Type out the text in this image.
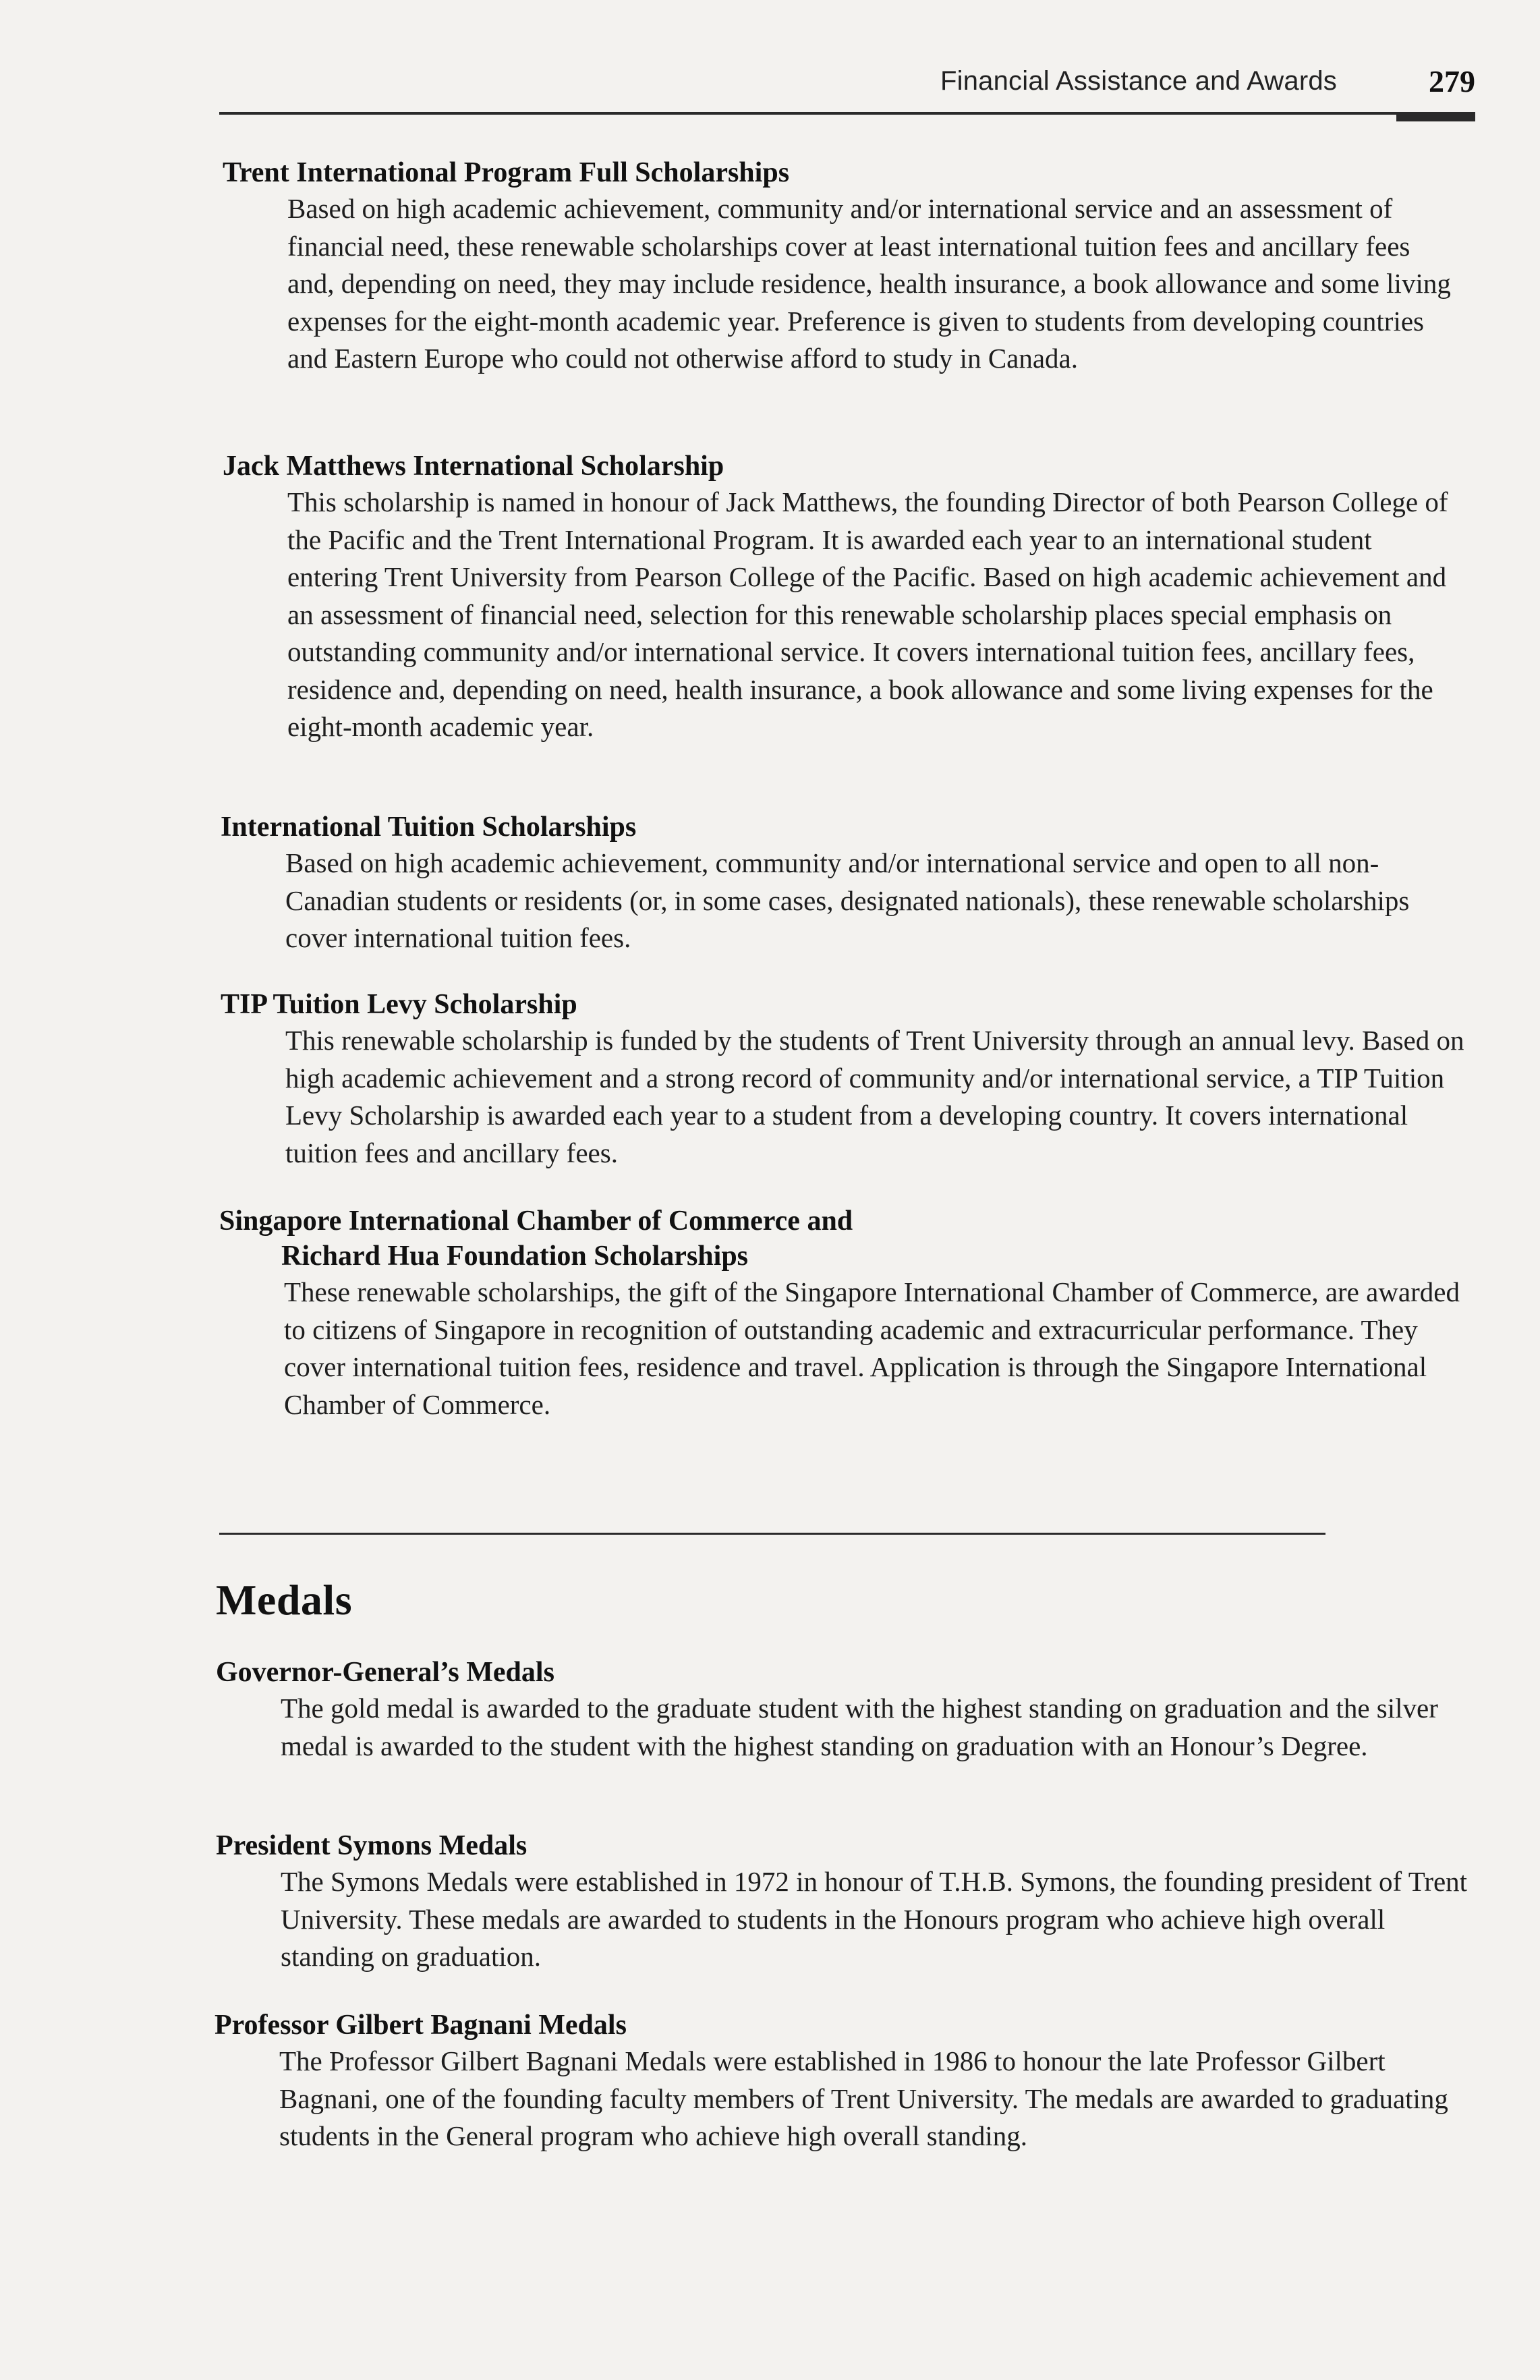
Financial Assistance and Awards	279
Trent International Program Full Scholarships
Based on high academic achievement, community and/or international service and an assessment of financial need, these renewable scholarships cover at least international tuition fees and ancillary fees and, depending on need, they may include residence, health insurance, a book allowance and some living expenses for the eight-month academic year. Preference is given to students from developing countries and Eastern Europe who could not otherwise afford to study in Canada.
Jack Matthews International Scholarship
This scholarship is named in honour of Jack Matthews, the founding Director of both Pearson College of the Pacific and the Trent International Program. It is awarded each year to an international student entering Trent University from Pearson College of the Pacific. Based on high academic achievement and an assessment of financial need, selection for this renewable scholarship places special emphasis on outstanding community and/or international service. It covers international tuition fees, ancillary fees, residence and, depending on need, health insurance, a book allowance and some living expenses for the eight-month academic year.
International Tuition Scholarships
Based on high academic achievement, community and/or international service and open to all non-Canadian students or residents (or, in some cases, designated nationals), these renewable scholarships cover international tuition fees.
TIP Tuition Levy Scholarship
This renewable scholarship is funded by the students of Trent University through an annual levy. Based on high academic achievement and a strong record of community and/or international service, a TIP Tuition Levy Scholarship is awarded each year to a student from a developing country. It covers international tuition fees and ancillary fees.
Singapore International Chamber of Commerce and
Richard Hua Foundation Scholarships
These renewable scholarships, the gift of the Singapore International Chamber of Commerce, are awarded to citizens of Singapore in recognition of outstanding academic and extracurricular performance. They cover international tuition fees, residence and travel. Application is through the Singapore International Chamber of Commerce.
Medals
Governor-General’s Medals
The gold medal is awarded to the graduate student with the highest standing on graduation and the silver medal is awarded to the student with the highest standing on graduation with an Honour’s Degree.
President Symons Medals
The Symons Medals were established in 1972 in honour of T.H.B. Symons, the founding president of Trent University. These medals are awarded to students in the Honours program who achieve high overall standing on graduation.
Professor Gilbert Bagnani Medals
The Professor Gilbert Bagnani Medals were established in 1986 to honour the late Professor Gilbert Bagnani, one of the founding faculty members of Trent University. The medals are awarded to graduating students in the General program who achieve high overall standing.
